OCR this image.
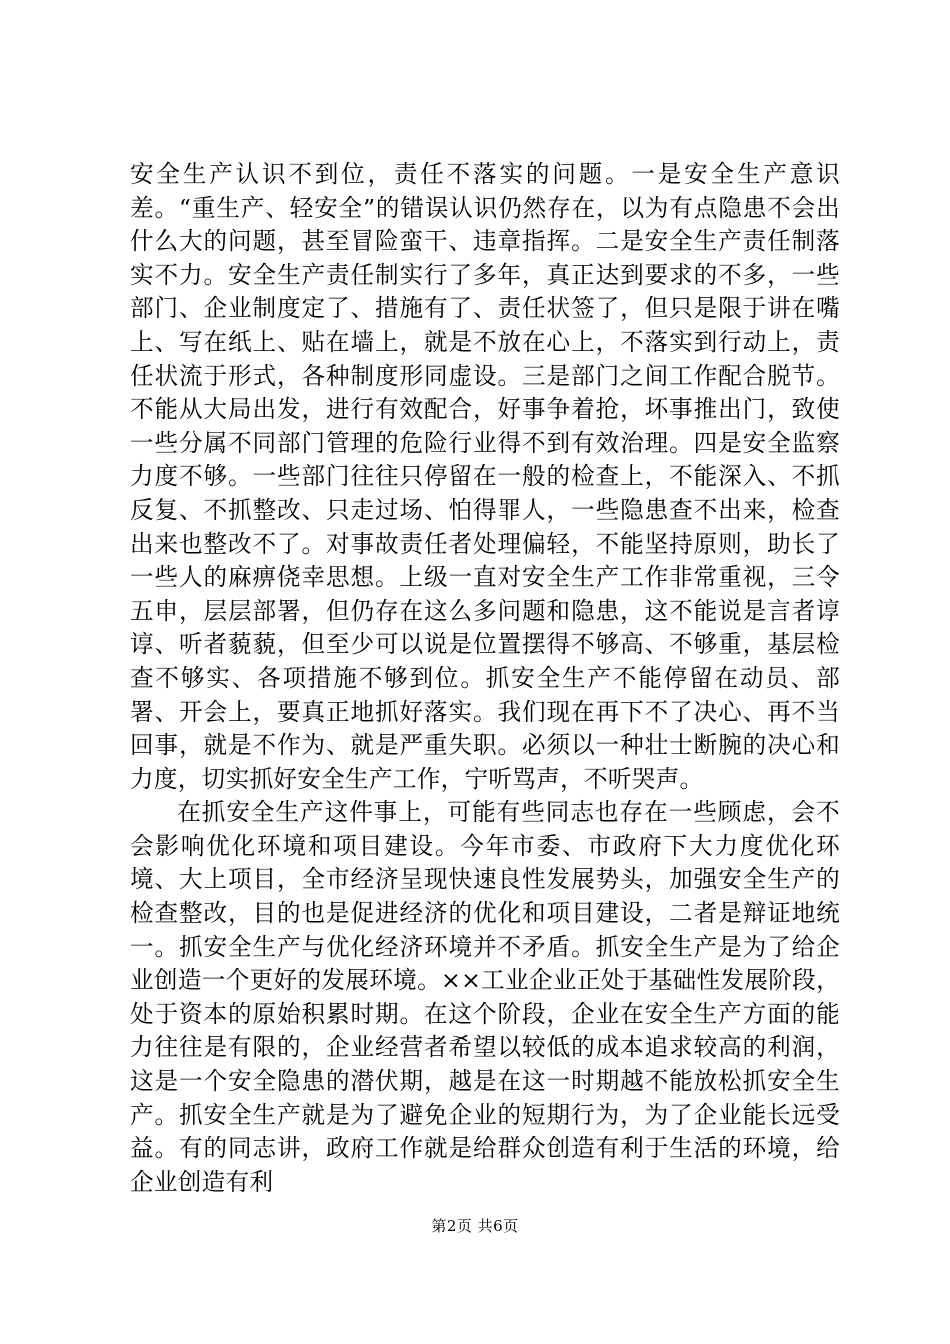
安全生产认识不到位，责任不落实的问题。一是安全生产意识差。“重生产、轻安全”的错误认识仍然存在，以为有点隐患不会出什么大的问题，甚至冒险蛮干、违章指挥。二是安全生产责任制落实不力。安全生产责任制实行了多年，真正达到要求的不多，一些部门、企业制度定了、措施有了、责任状签了，但只是限于讲在嘴上、写在纸上、贴在墙上，就是不放在心上，不落实到行动上，责任状流于形式，各种制度形同虚设。三是部门之间工作配合脱节。不能从大局出发，进行有效配合，好事争着抢，坏事推出门，致使一些分属不同部门管理的危险行业得不到有效治理。四是安全监察力度不够。一些部门往往只停留在一般的检查上，不能深入、不抓反复、不抓整改、只走过场、怕得罪人，一些隐患查不出来，检查出来也整改不了。对事故责任者处理偏轻，不能坚持原则，助长了一些人的麻痹侥幸思想。上级一直对安全生产工作非常重视，三令五申，层层部署，但仍存在这么多问题和隐患，这不能说是言者谆谆、听者藐藐，但至少可以说是位置摆得不够高、不够重，基层检查不够实、各项措施不够到位。抓安全生产不能停留在动员、部署、开会上，要真正地抓好落实。我们现在再下不了决心、再不当回事，就是不作为、就是严重失职。必须以一种壮士断腕的决心和力度，切实抓好安全生产工作，宁听骂声，不听哭声。

在抓安全生产这件事上，可能有些同志也存在一些顾虑，会不会影响优化环境和项目建设。今年市委、市政府下大力度优化环境、大上项目，全市经济呈现快速良性发展势头，加强安全生产的检查整改，目的也是促进经济的优化和项目建设，二者是辩证地统一。抓安全生产与优化经济环境并不矛盾。抓安全生产是为了给企业创造一个更好的发展环境。××工业企业正处于基础性发展阶段，处于资本的原始积累时期。在这个阶段，企业在安全生产方面的能力往往是有限的，企业经营者希望以较低的成本追求较高的利润，这是一个安全隐患的潜伏期，越是在这一时期越不能放松抓安全生产。抓安全生产就是为了避免企业的短期行为，为了企业能长远受益。有的同志讲，政府工作就是给群众创造有利于生活的环境，给企业创造有利

第2页 共6页
